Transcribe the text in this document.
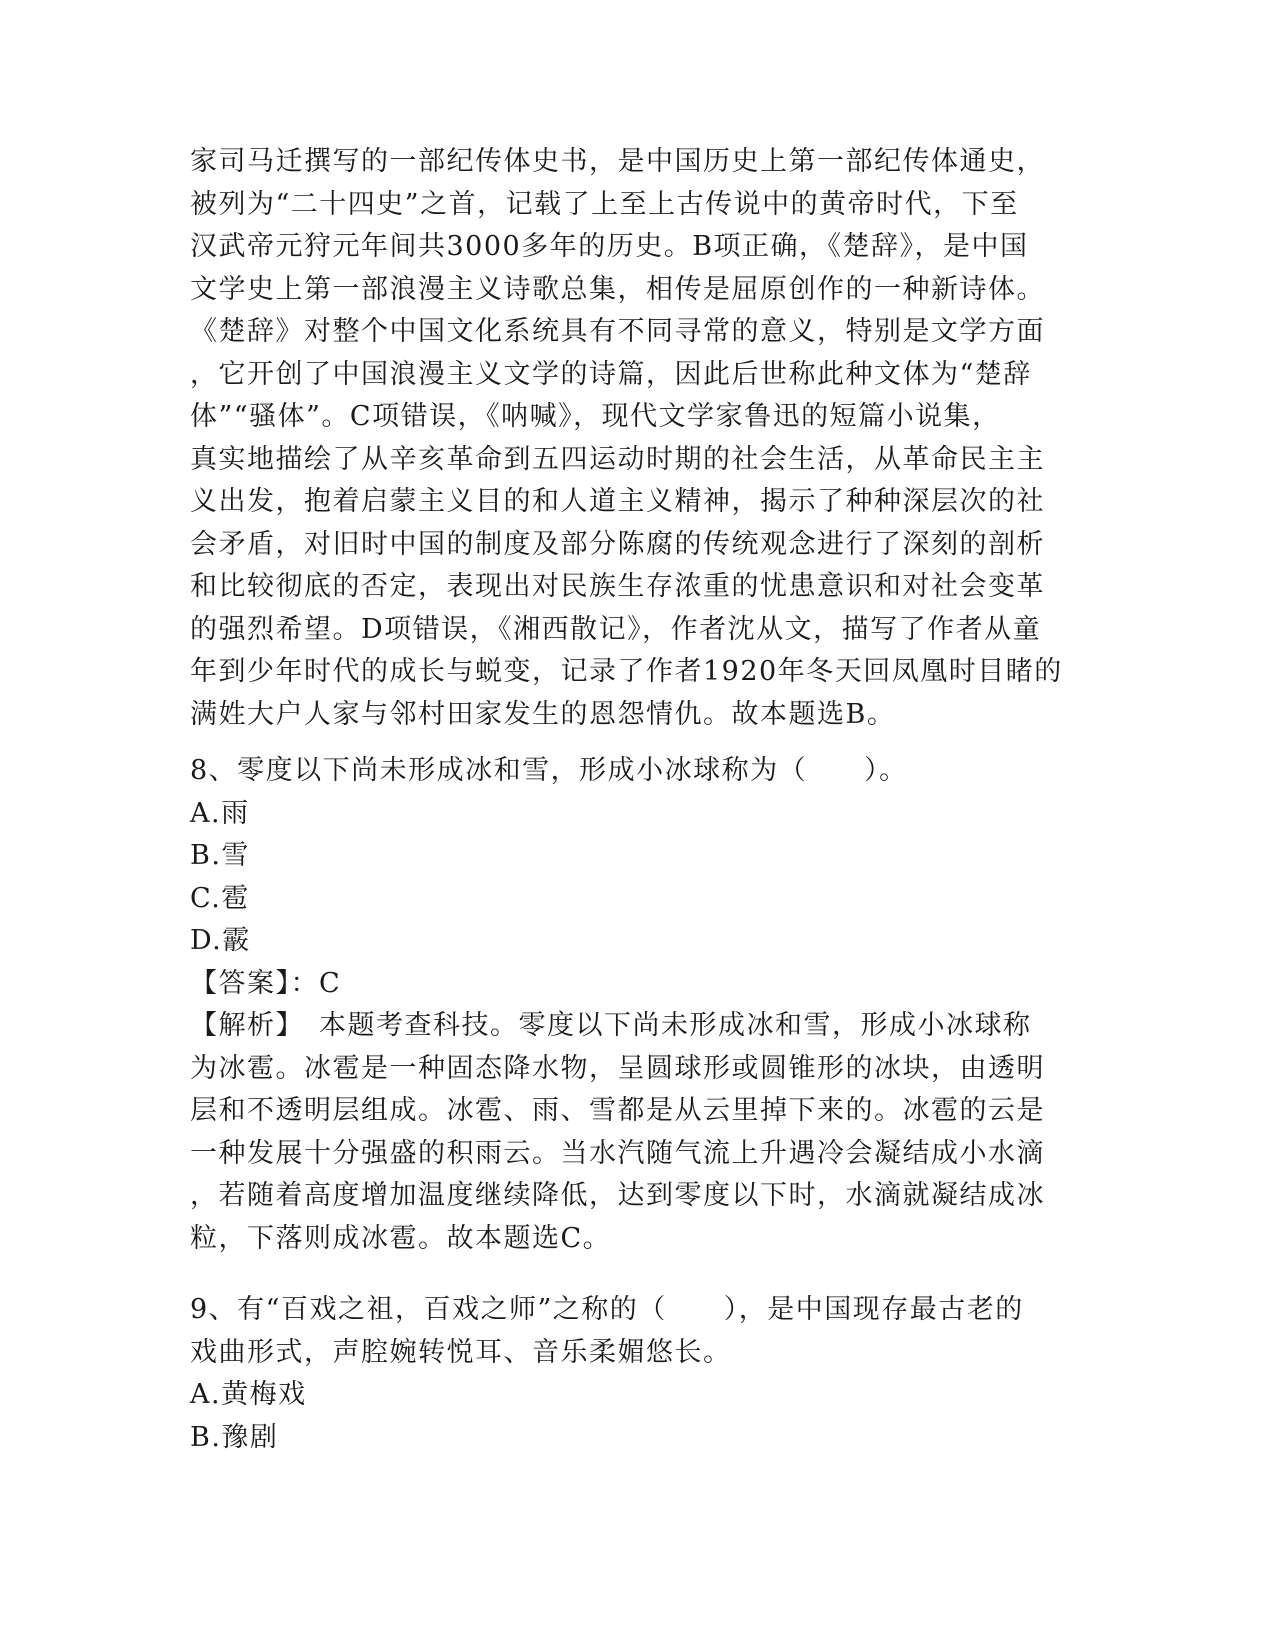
家司马迁撰写的一部纪传体史书，是中国历史上第一部纪传体通史，
被列为“二十四史”之首，记载了上至上古传说中的黄帝时代，下至
汉武帝元狩元年间共3000多年的历史。B项正确，《楚辞》，是中国
文学史上第一部浪漫主义诗歌总集，相传是屈原创作的一种新诗体。
《楚辞》对整个中国文化系统具有不同寻常的意义，特别是文学方面
，它开创了中国浪漫主义文学的诗篇，因此后世称此种文体为“楚辞
体”“骚体”。C项错误，《呐喊》，现代文学家鲁迅的短篇小说集，
真实地描绘了从辛亥革命到五四运动时期的社会生活，从革命民主主
义出发，抱着启蒙主义目的和人道主义精神，揭示了种种深层次的社
会矛盾，对旧时中国的制度及部分陈腐的传统观念进行了深刻的剖析
和比较彻底的否定，表现出对民族生存浓重的忧患意识和对社会变革
的强烈希望。D项错误，《湘西散记》，作者沈从文，描写了作者从童
年到少年时代的成长与蜕变，记录了作者1920年冬天回凤凰时目睹的
满姓大户人家与邻村田家发生的恩怨情仇。故本题选B。
8、零度以下尚未形成冰和雪，形成小冰球称为（　　）。
A.雨
B.雪
C.雹
D.霰
【答案】：C
【解析】　本题考查科技。零度以下尚未形成冰和雪，形成小冰球称
为冰雹。冰雹是一种固态降水物，呈圆球形或圆锥形的冰块，由透明
层和不透明层组成。冰雹、雨、雪都是从云里掉下来的。冰雹的云是
一种发展十分强盛的积雨云。当水汽随气流上升遇冷会凝结成小水滴
，若随着高度增加温度继续降低，达到零度以下时，水滴就凝结成冰
粒，下落则成冰雹。故本题选C。
9、有“百戏之祖，百戏之师”之称的（　　），是中国现存最古老的
戏曲形式，声腔婉转悦耳、音乐柔媚悠长。
A.黄梅戏
B.豫剧
